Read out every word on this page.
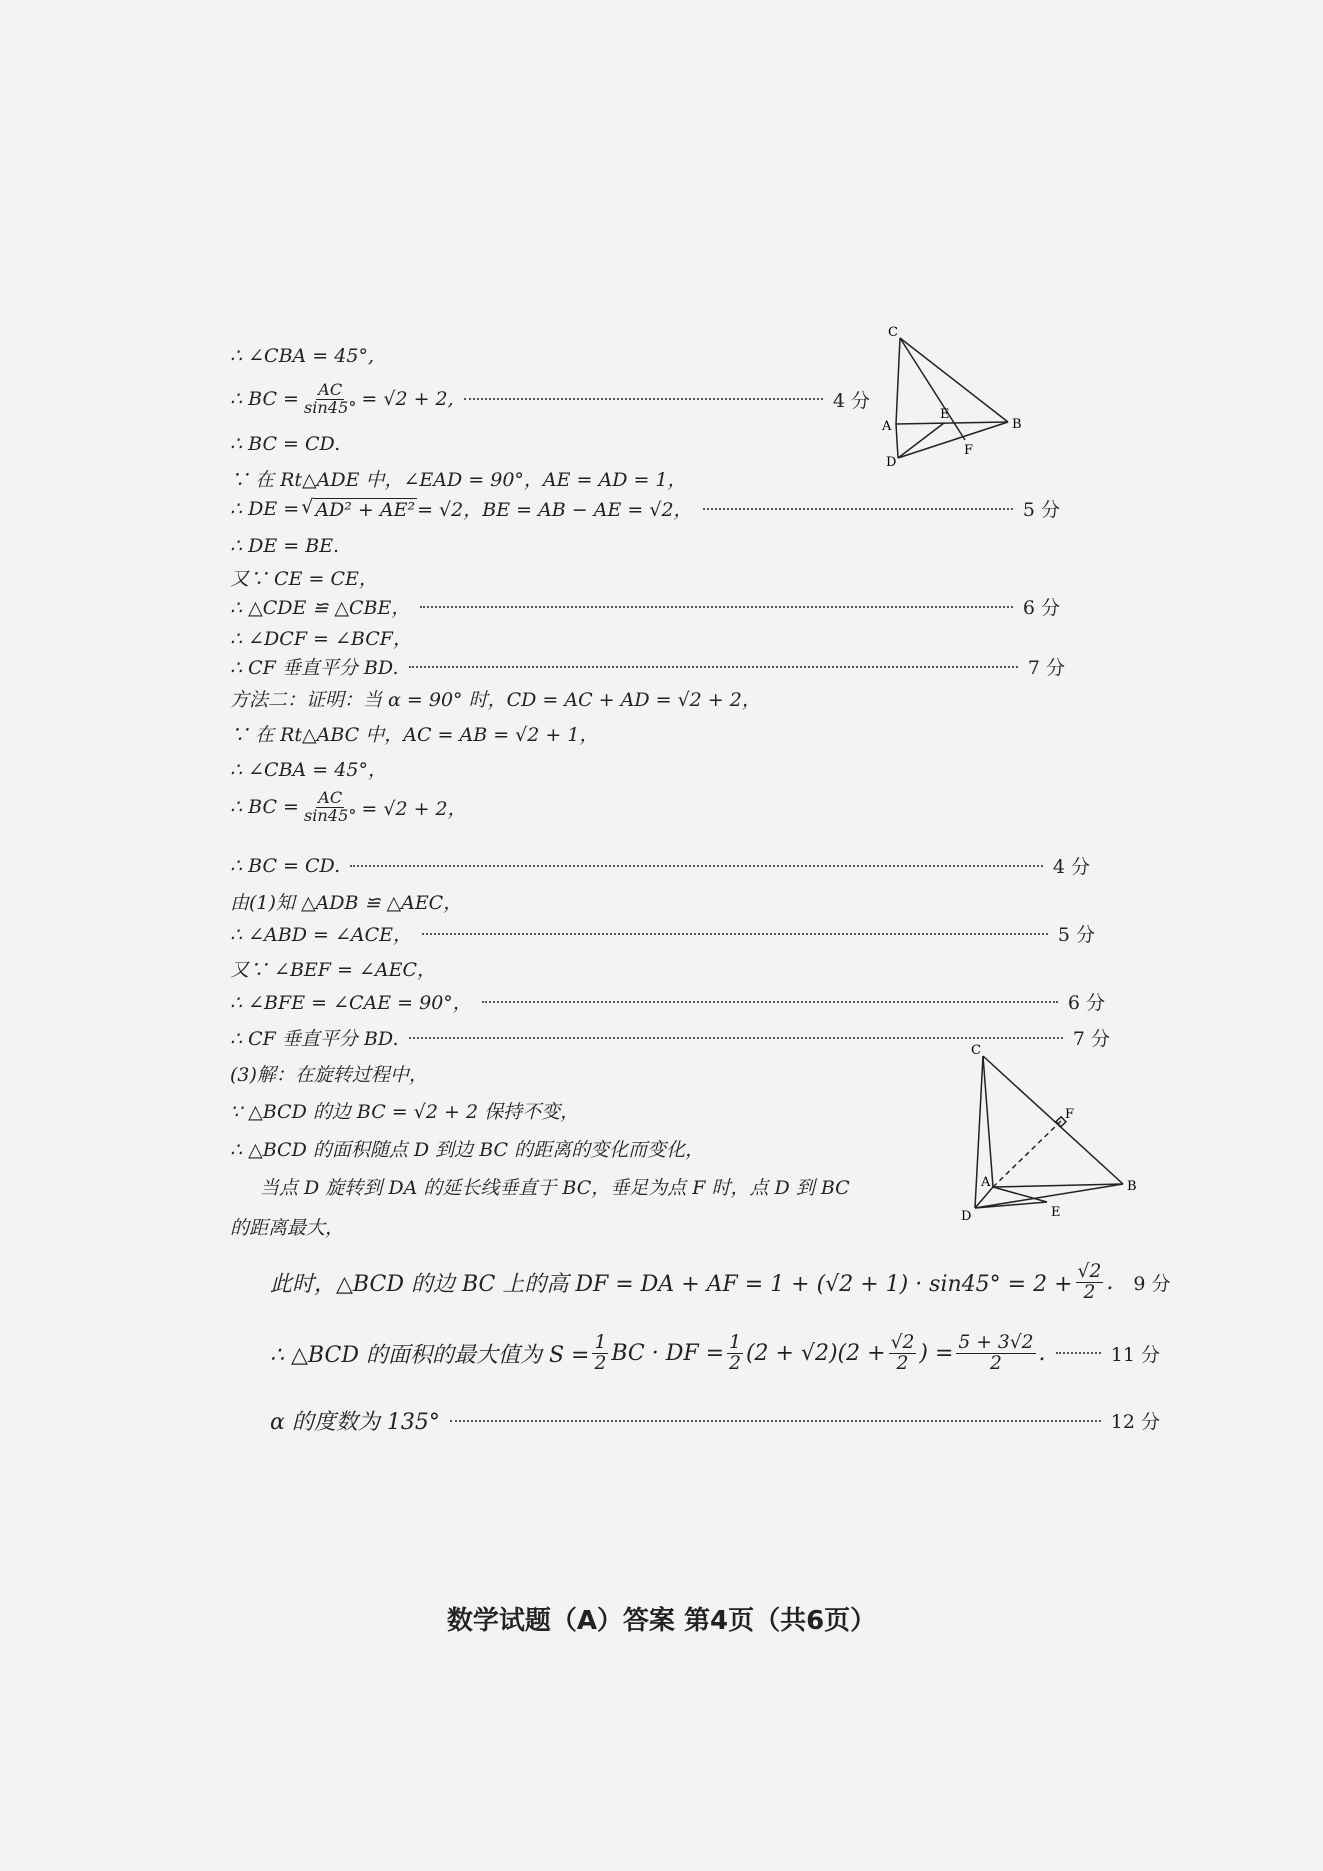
∴ ∠CBA = 45°,
∴ BC = $\frac{AC}{\sin 45^\circ} = √2 + 2$,	4 分
∴ BC = CD.
∵ 在 Rt△ADE 中，∠EAD = 90°，AE = AD = 1，
∴ DE = √ AD² + AE² = √2，BE = AB − AE = √2，	5 分
∴ DE = BE.
又∵ CE = CE，
∴ △CDE ≌ △CBE，	6 分
∴ ∠DCF = ∠BCF，
∴ CF 垂直平分 BD.	7 分
方法二：证明：当 α = 90° 时，CD = AC + AD = √2 + 2，
∵ 在 Rt△ABC 中，AC = AB = √2 + 1，
∴ ∠CBA = 45°，
∴ BC = $\frac{AC}{\sin 45^\circ} = √2 + 2$，
∴ BC = CD.	4 分
由(1)知 △ADB ≌ △AEC，
∴ ∠ABD = ∠ACE，	5 分
又∵ ∠BEF = ∠AEC，
∴ ∠BFE = ∠CAE = 90°，	6 分
∴ CF 垂直平分 BD.	7 分
(3)解：在旋转过程中，
∵ △BCD 的边 BC = √2 + 2 保持不变，
∴ △BCD 的面积随点 D 到边 BC 的距离的变化而变化，
当点 D 旋转到 DA 的延长线垂直于 BC，垂足为点 F 时，点 D 到 BC
的距离最大，
此时，△BCD 的边 BC 上的高 DF = DA + AF = $1 + (√2 + 1) \cdot \sin 45^\circ = 2 + \frac{√2}{2}$ . 9 分
∴ △BCD 的面积的最大值为 $S = \frac{1}{2}$ BC · DF = $\frac{1}{2} (2 + √2)(2 + \frac{√2}{2}$ ) = $\frac{5 + 3√2}{2}$ .	11 分
α 的度数为 135°	12 分
C
A
E
B
D
F
C
F
A	B
D	E
数学试题（A）答案 第4页（共6页）
